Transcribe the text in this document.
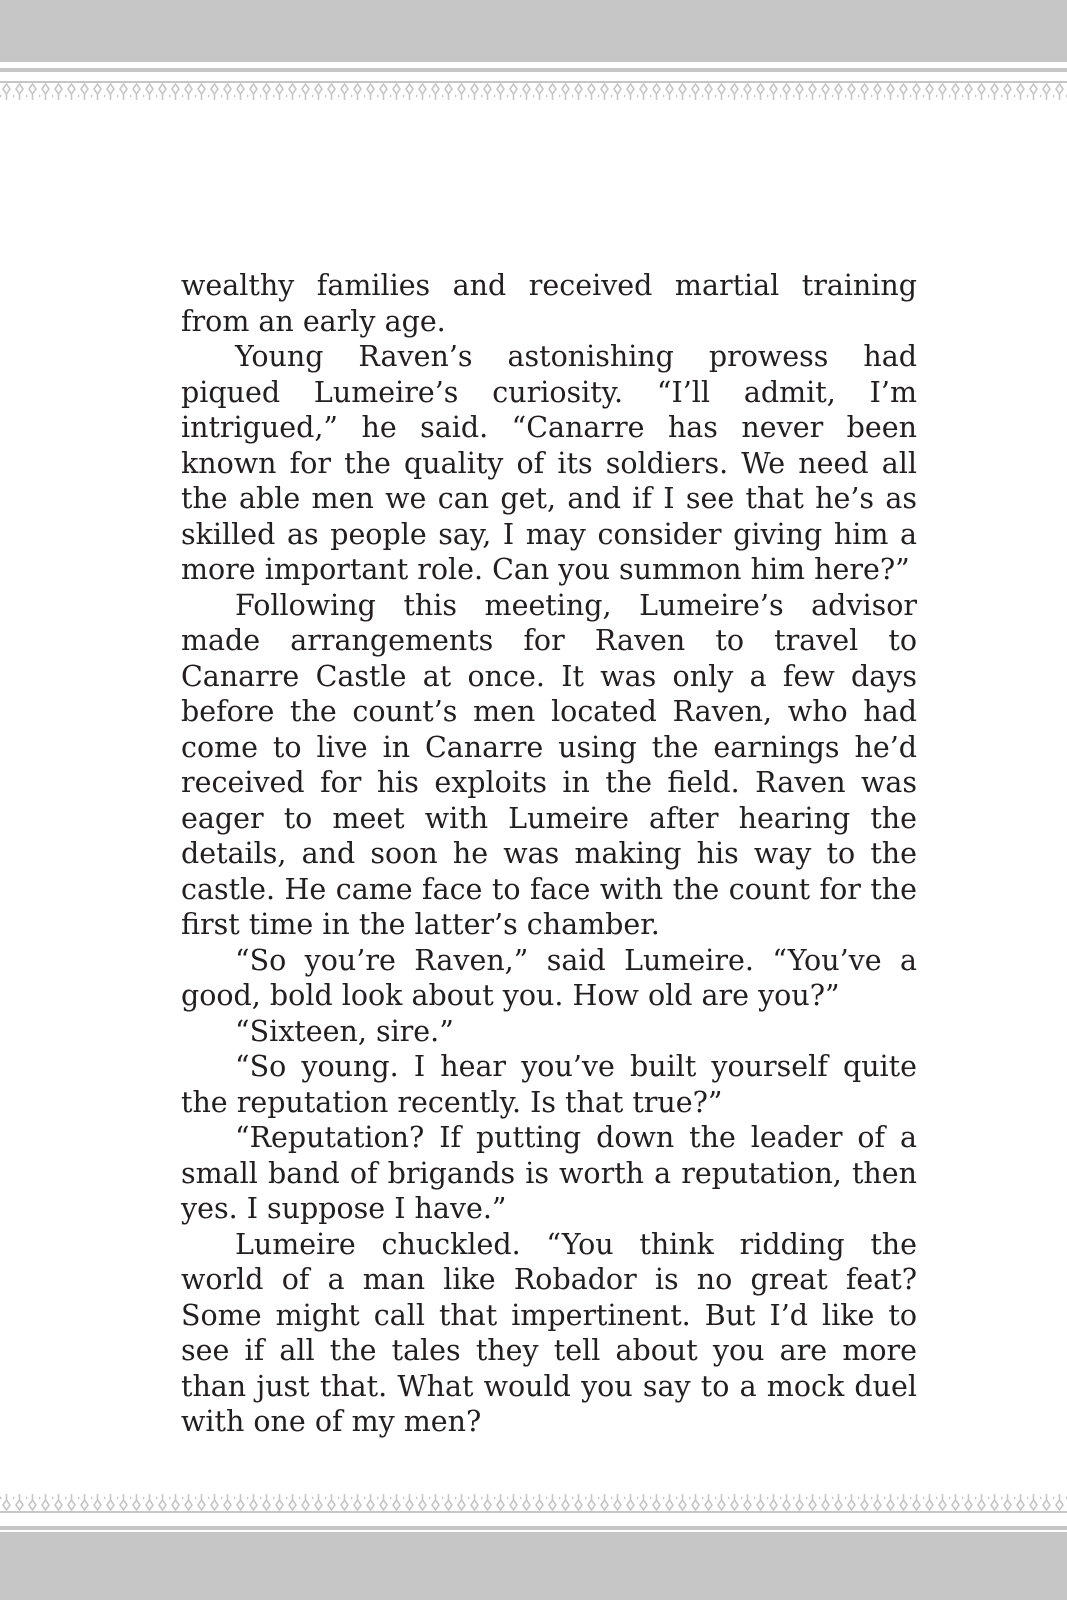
wealthy families and received martial training from an early age.

Young Raven’s astonishing prowess had piqued Lumeire’s curiosity. “I’ll admit, I’m intrigued,” he said. “Canarre has never been known for the quality of its soldiers. We need all the able men we can get, and if I see that he’s as skilled as people say, I may consider giving him a more important role. Can you summon him here?”

Following this meeting, Lumeire’s advisor made arrangements for Raven to travel to Canarre Castle at once. It was only a few days before the count’s men located Raven, who had come to live in Canarre using the earnings he’d received for his exploits in the field. Raven was eager to meet with Lumeire after hearing the details, and soon he was making his way to the castle. He came face to face with the count for the first time in the latter’s chamber.

“So you’re Raven,” said Lumeire. “You’ve a good, bold look about you. How old are you?”

“Sixteen, sire.”

“So young. I hear you’ve built yourself quite the reputation recently. Is that true?”

“Reputation? If putting down the leader of a small band of brigands is worth a reputation, then yes. I suppose I have.”

Lumeire chuckled. “You think ridding the world of a man like Robador is no great feat? Some might call that impertinent. But I’d like to see if all the tales they tell about you are more than just that. What would you say to a mock duel with one of my men?
